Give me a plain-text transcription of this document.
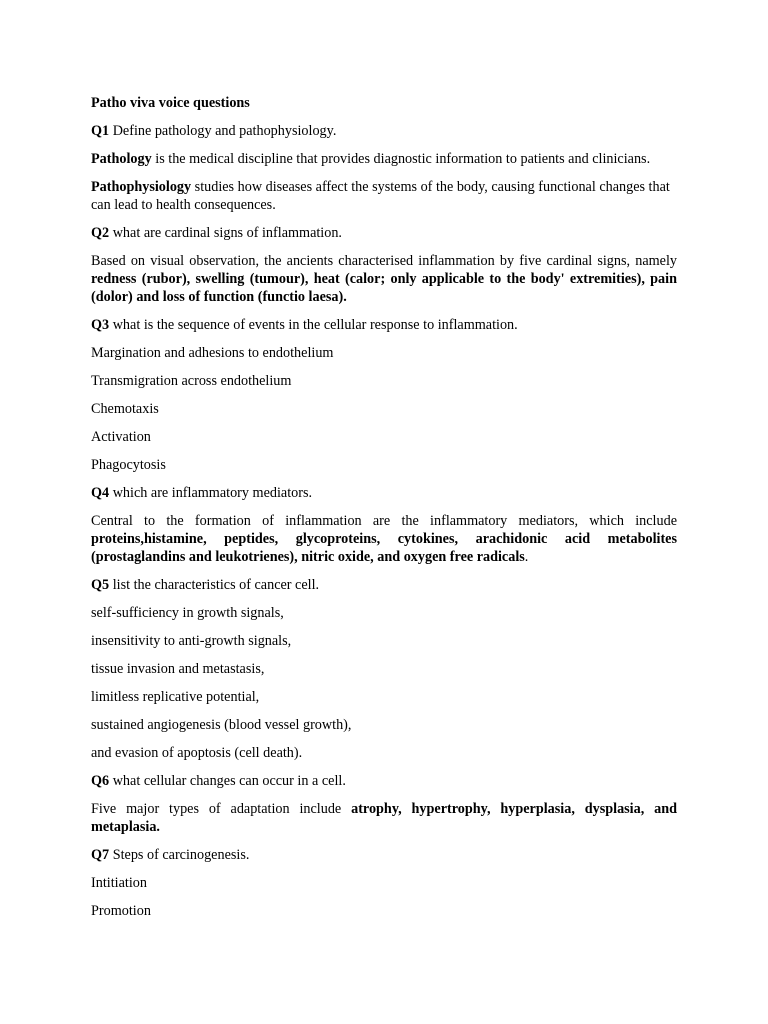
Patho viva voice questions

Q1 Define pathology and pathophysiology.

Pathology is the medical discipline that provides diagnostic information to patients and clinicians.

Pathophysiology studies how diseases affect the systems of the body, causing functional changes that can lead to health consequences.

Q2 what are cardinal signs of inflammation.

Based on visual observation, the ancients characterised inflammation by five cardinal signs, namely redness (rubor), swelling (tumour), heat (calor; only applicable to the body' extremities), pain (dolor) and loss of function (functio laesa).

Q3 what is the sequence of events in the cellular response to inflammation.

Margination and adhesions to endothelium

Transmigration across endothelium

Chemotaxis

Activation

Phagocytosis

Q4 which are inflammatory mediators.

Central to the formation of inflammation are the inflammatory mediators, which include proteins,histamine, peptides, glycoproteins, cytokines, arachidonic acid metabolites (prostaglandins and leukotrienes), nitric oxide, and oxygen free radicals.

Q5 list the characteristics of cancer cell.

self-sufficiency in growth signals,

insensitivity to anti-growth signals,

tissue invasion and metastasis,

limitless replicative potential,

sustained angiogenesis (blood vessel growth),

and evasion of apoptosis (cell death).

Q6 what cellular changes can occur in a cell.

Five major types of adaptation include atrophy, hypertrophy, hyperplasia, dysplasia, and metaplasia.

Q7 Steps of carcinogenesis.

Intitiation

Promotion
